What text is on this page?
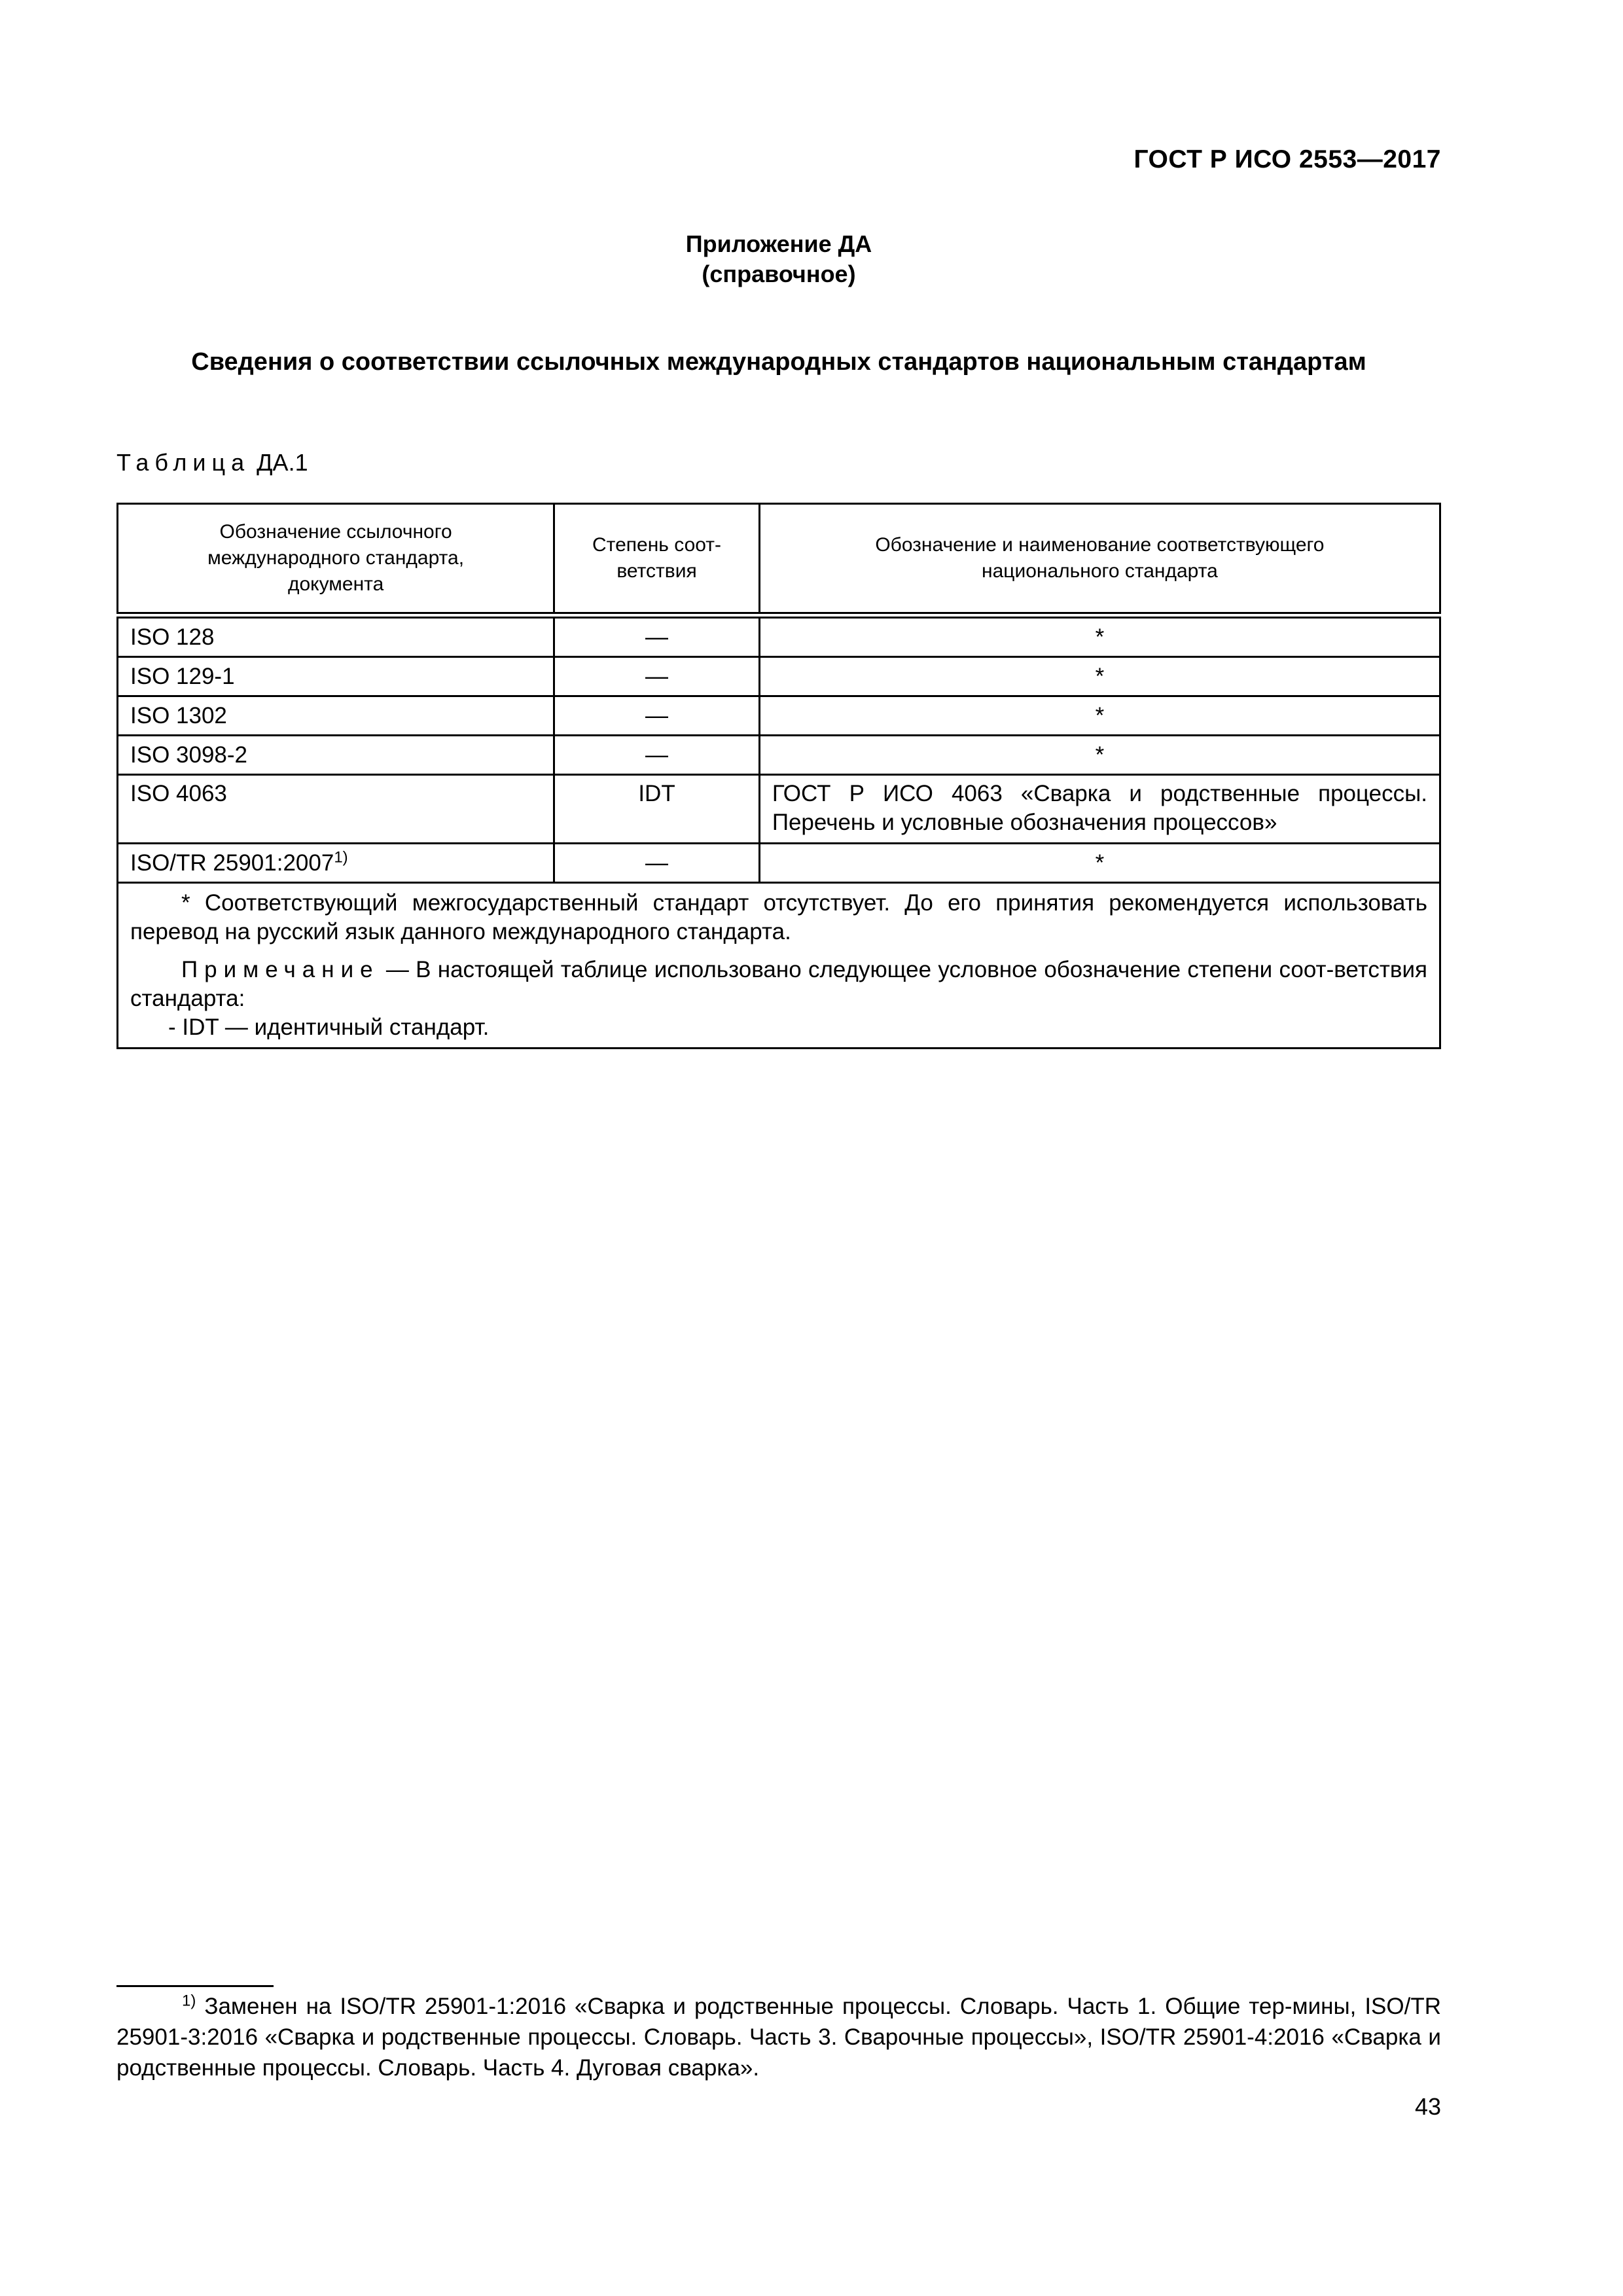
ГОСТ Р ИСО 2553—2017
Приложение ДА
(справочное)
Сведения о соответствии ссылочных международных стандартов национальным стандартам
Таблица ДА.1
Обозначение ссылочного международного стандарта, документа	Степень соот-ветствия	Обозначение и наименование соответствующего национального стандарта
ISO 128	—	*
ISO 129-1	—	*
ISO 1302	—	*
ISO 3098-2	—	*
ISO 4063	IDT	ГОСТ Р ИСО 4063 «Сварка и родственные процессы. Перечень и условные обозначения процессов»
ISO/TR 25901:2007$^{1)}$	—	*

* Соответствующий межгосударственный стандарт отсутствует. До его принятия рекомендуется использовать перевод на русский язык данного международного стандарта.

Примечание — В настоящей таблице использовано следующее условное обозначение степени соот-ветствия стандарта:

- IDT — идентичный стандарт.		

$^{1)}$ Заменен на ISO/TR 25901-1:2016 «Сварка и родственные процессы. Словарь. Часть 1. Общие тер-мины, ISO/TR 25901-3:2016 «Сварка и родственные процессы. Словарь. Часть 3. Сварочные процессы», ISO/TR 25901-4:2016 «Сварка и родственные процессы. Словарь. Часть 4. Дуговая сварка».

43
